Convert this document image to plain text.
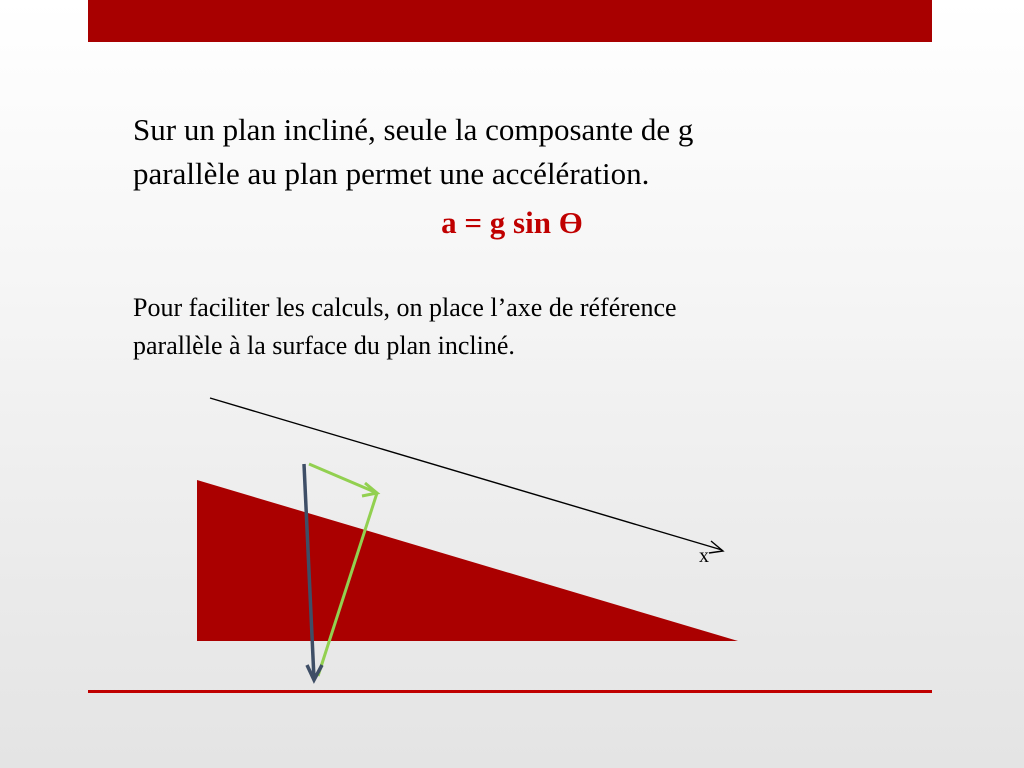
Sur un plan incliné, seule la composante de g
parallèle au plan permet une accélération.
a = g sin Ɵ
Pour faciliter les calculs, on place l’axe de référence
parallèle à la surface du plan incliné.
x
